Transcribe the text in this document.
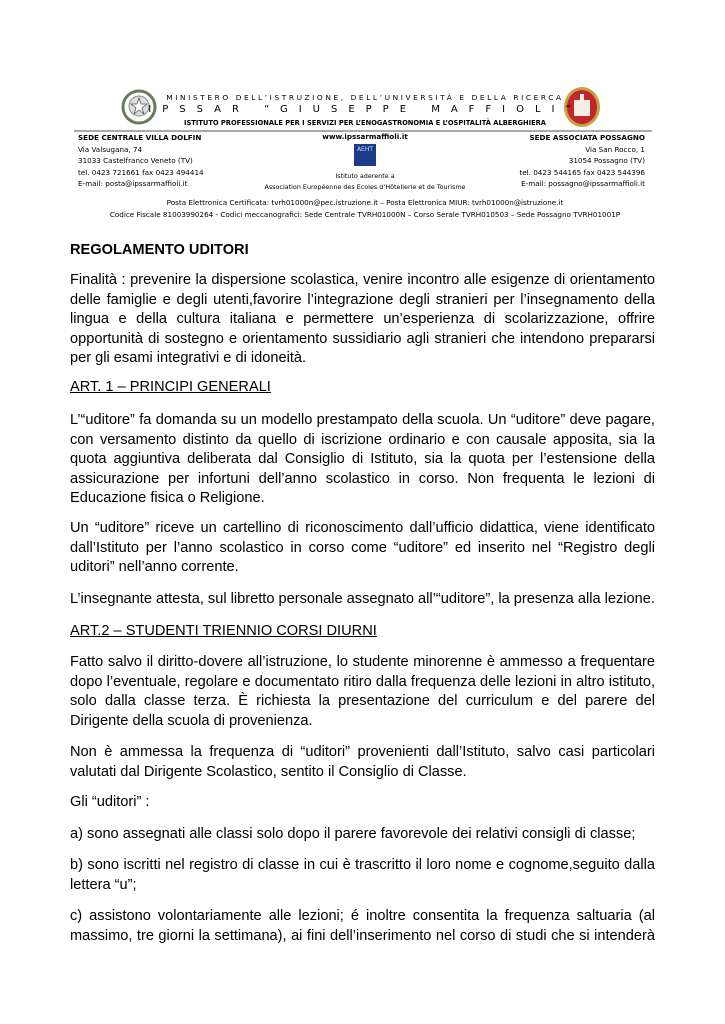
MINISTERO DELL’ISTRUZIONE, DELL’UNIVERSITÀ E DELLA RICERCA
IPSSAR “GIUSEPPE MAFFIOLI”
ISTITUTO PROFESSIONALE PER I SERVIZI PER L’ENOGASTRONOMIA E L’OSPITALITÀ ALBERGHIERA
SEDE CENTRALE VILLA DOLFIN
Via Valsugana, 74
31033 Castelfranco Veneto (TV)
tel. 0423 721661 fax 0423 494414
E-mail: posta@ipssarmaffioli.it
www.ipssarmaffioli.it
AEHT
Istituto aderente a
Association Européenne des Ecoles d’Hôtellerie et de Tourisme
SEDE ASSOCIATA POSSAGNO
Via San Rocco, 1
31054 Possagno (TV)
tel. 0423 544165 fax 0423 544396
E-mail: possagno@ipssarmaffioli.it
Posta Elettronica Certificata: tvrh01000n@pec.istruzione.it – Posta Elettronica MIUR: tvrh01000n@istruzione.it
Codice Fiscale 81003990264 - Codici meccanografici: Sede Centrale TVRH01000N – Corso Serale TVRH010503 – Sede Possagno TVRH01001P
REGOLAMENTO UDITORI
Finalità : prevenire la dispersione scolastica, venire incontro alle esigenze di orientamento
delle famiglie e degli utenti,favorire l’integrazione degli stranieri per l’insegnamento della
lingua e della cultura italiana e permettere un’esperienza di scolarizzazione, offrire
opportunità di sostegno e orientamento sussidiario agli stranieri che intendono prepararsi
per gli esami integrativi e di idoneità.
ART. 1 – PRINCIPI GENERALI
L’“uditore” fa domanda su un modello prestampato della scuola. Un “uditore” deve pagare,
con versamento distinto da quello di iscrizione ordinario e con causale apposita, sia la
quota aggiuntiva deliberata dal Consiglio di Istituto, sia la quota per l’estensione della
assicurazione per infortuni dell’anno scolastico in corso. Non frequenta le lezioni di
Educazione fisica o Religione.
Un “uditore” riceve un cartellino di riconoscimento dall’ufficio didattica, viene identificato
dall’Istituto per l’anno scolastico in corso come “uditore” ed inserito nel “Registro degli
uditori” nell’anno corrente.
L’insegnante attesta, sul libretto personale assegnato all’“uditore”, la presenza alla lezione.
ART.2 – STUDENTI TRIENNIO CORSI DIURNI
Fatto salvo il diritto-dovere all’istruzione, lo studente minorenne è ammesso a frequentare
dopo l’eventuale, regolare e documentato ritiro dalla frequenza delle lezioni in altro istituto,
solo dalla classe terza. È richiesta la presentazione del curriculum e del parere del
Dirigente della scuola di provenienza.
Non è ammessa la frequenza di “uditori” provenienti dall’Istituto, salvo casi particolari
valutati dal Dirigente Scolastico, sentito il Consiglio di Classe.
Gli “uditori” :
a) sono assegnati alle classi solo dopo il parere favorevole dei relativi consigli di classe;
b) sono iscritti nel registro di classe in cui è trascritto il loro nome e cognome,seguito dalla
lettera “u”;
c) assistono volontariamente alle lezioni; é inoltre consentita la frequenza saltuaria (al
massimo, tre giorni la settimana), ai fini dell’inserimento nel corso di studi che si intenderà
